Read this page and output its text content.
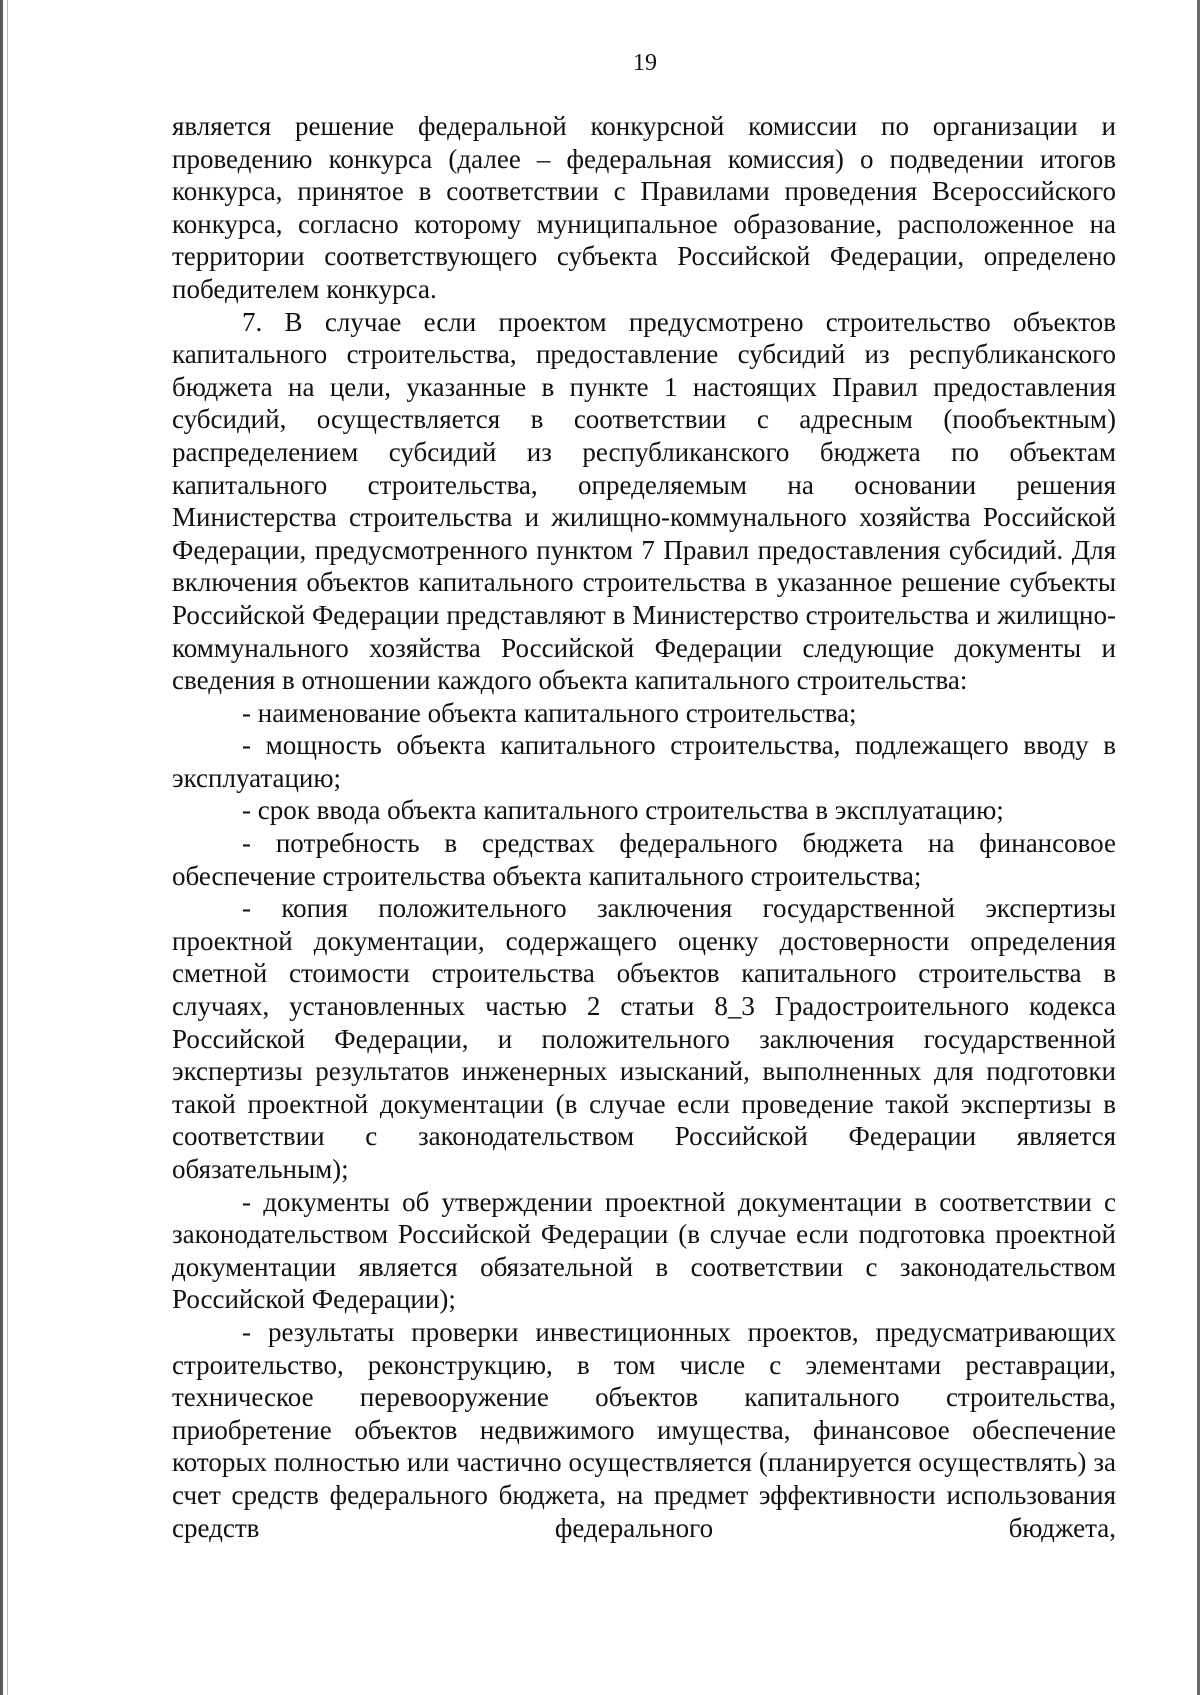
19

является решение федеральной конкурсной комиссии по организации и проведению конкурса (далее – федеральная комиссия) о подведении итогов конкурса, принятое в соответствии с Правилами проведения Всероссийского конкурса, согласно которому муниципальное образование, расположенное на территории соответствующего субъекта Российской Федерации, определено победителем конкурса.

7. В случае если проектом предусмотрено строительство объектов капитального строительства, предоставление субсидий из республиканского бюджета на цели, указанные в пункте 1 настоящих Правил предоставления субсидий, осуществляется в соответствии с адресным (пообъектным) распределением субсидий из республиканского бюджета по объектам капитального строительства, определяемым на основании решения Министерства строительства и жилищно-коммунального хозяйства Российской Федерации, предусмотренного пунктом 7 Правил предоставления субсидий. Для включения объектов капитального строительства в указанное решение субъекты Российской Федерации представляют в Министерство строительства и жилищно-коммунального хозяйства Российской Федерации следующие документы и сведения в отношении каждого объекта капитального строительства:

- наименование объекта капитального строительства;

- мощность объекта капитального строительства, подлежащего вводу в эксплуатацию;

- срок ввода объекта капитального строительства в эксплуатацию;

- потребность в средствах федерального бюджета на финансовое обеспечение строительства объекта капитального строительства;

- копия положительного заключения государственной экспертизы проектной документации, содержащего оценку достоверности определения сметной стоимости строительства объектов капитального строительства в случаях, установленных частью 2 статьи 8_3 Градостроительного кодекса Российской Федерации, и положительного заключения государственной экспертизы результатов инженерных изысканий, выполненных для подготовки такой проектной документации (в случае если проведение такой экспертизы в соответствии с законодательством Российской Федерации является обязательным);

- документы об утверждении проектной документации в соответствии с законодательством Российской Федерации (в случае если подготовка проектной документации является обязательной в соответствии с законодательством Российской Федерации);

- результаты проверки инвестиционных проектов, предусматривающих строительство, реконструкцию, в том числе с элементами реставрации, техническое перевооружение объектов капитального строительства, приобретение объектов недвижимого имущества, финансовое обеспечение которых полностью или частично осуществляется (планируется осуществлять) за счет средств федерального бюджета, на предмет эффективности использования средств федерального бюджета,
